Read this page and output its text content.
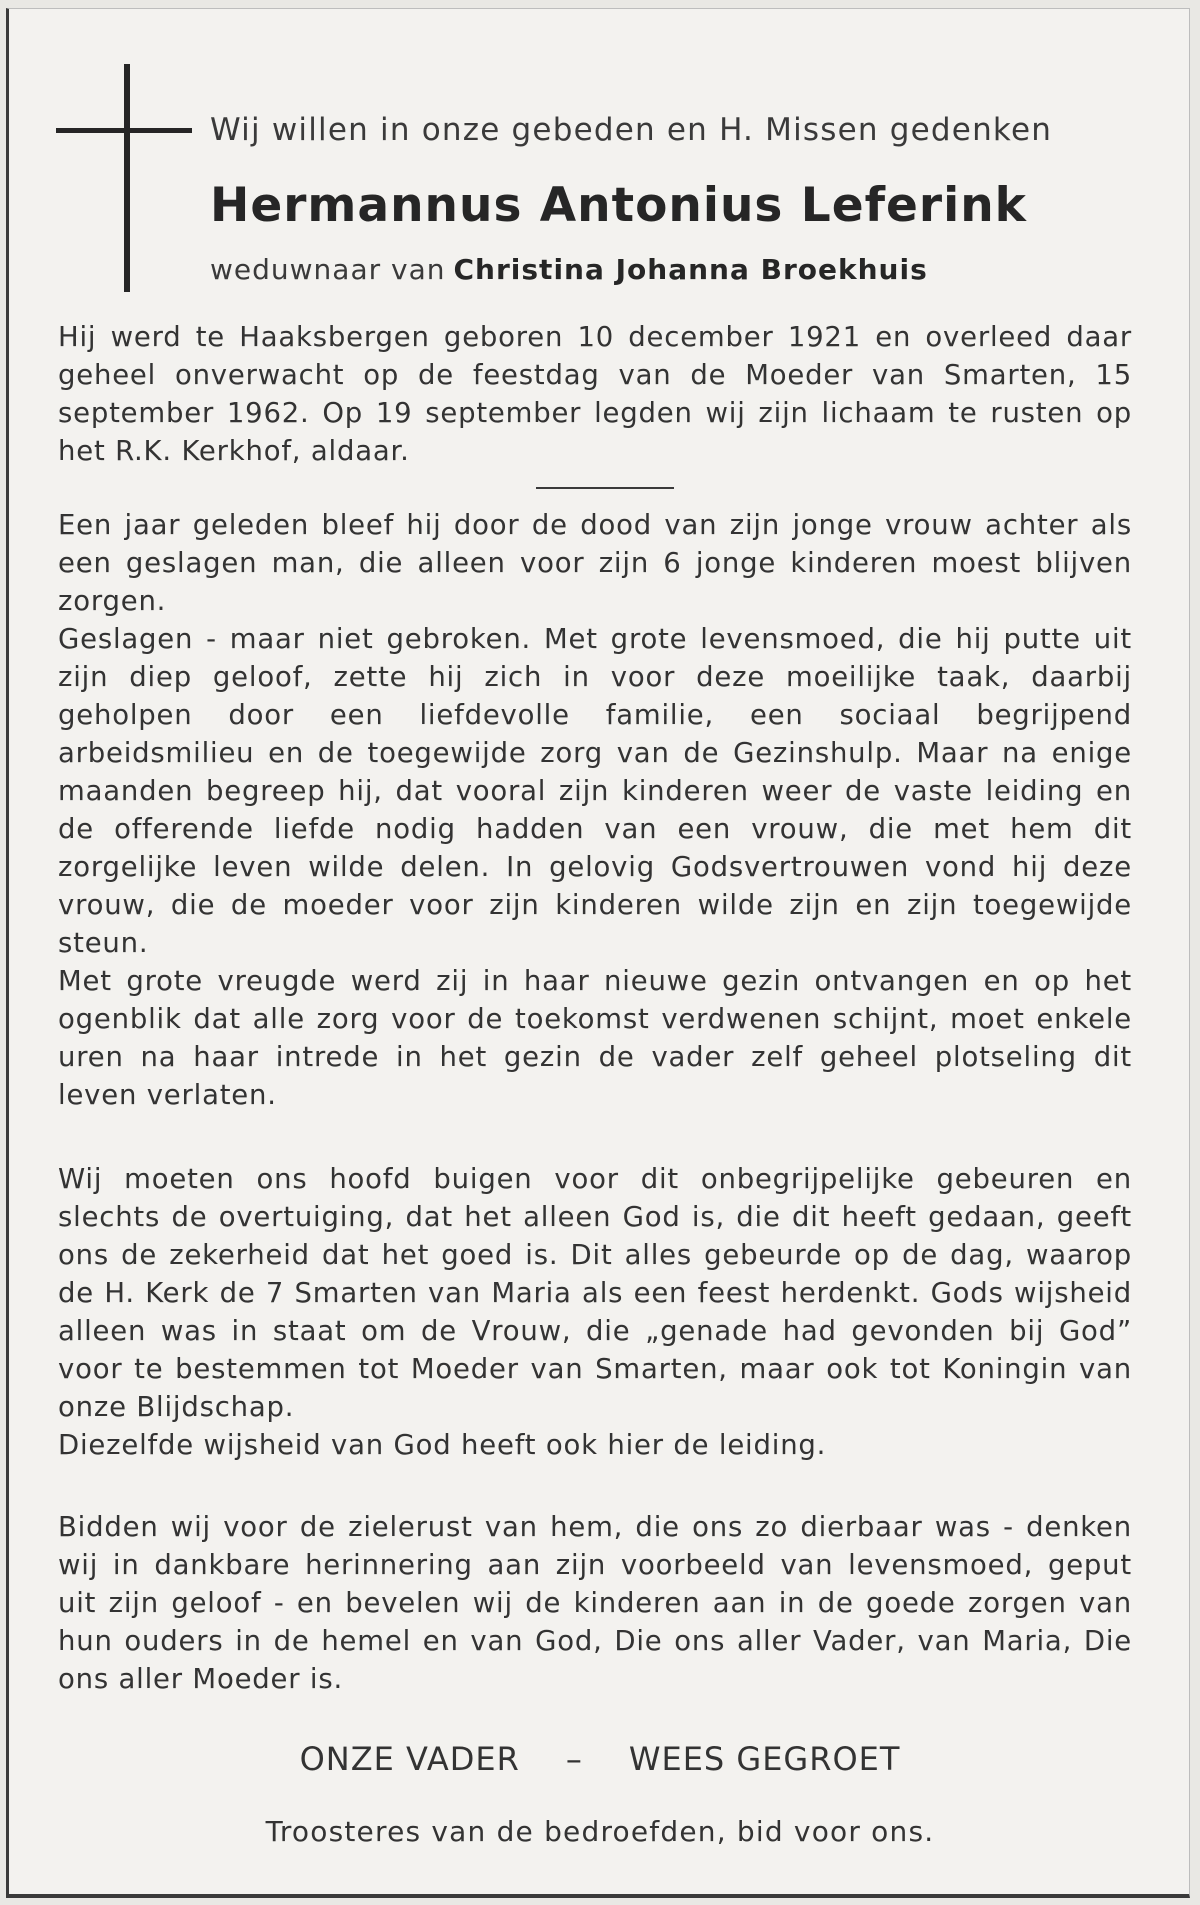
Wij willen in onze gebeden en H. Missen gedenken

Hermannus Antonius Leferink

weduwnaar van Christina Johanna Broekhuis

Hij werd te Haaksbergen geboren 10 december 1921 en overleed daar geheel onverwacht op de feestdag van de Moeder van Smarten, 15 september 1962. Op 19 september legden wij zijn lichaam te rusten op het R.K. Kerkhof, aldaar.

Een jaar geleden bleef hij door de dood van zijn jonge vrouw achter als een geslagen man, die alleen voor zijn 6 jonge kinderen moest blijven zorgen.
Geslagen - maar niet gebroken. Met grote levensmoed, die hij putte uit zijn diep geloof, zette hij zich in voor deze moeilijke taak, daarbij geholpen door een liefdevolle familie, een sociaal begrijpend arbeidsmilieu en de toegewijde zorg van de Gezinshulp. Maar na enige maanden begreep hij, dat vooral zijn kinderen weer de vaste leiding en de offerende liefde nodig hadden van een vrouw, die met hem dit zorgelijke leven wilde delen. In gelovig Godsvertrouwen vond hij deze vrouw, die de moeder voor zijn kinderen wilde zijn en zijn toegewijde steun.
Met grote vreugde werd zij in haar nieuwe gezin ontvangen en op het ogenblik dat alle zorg voor de toekomst verdwenen schijnt, moet enkele uren na haar intrede in het gezin de vader zelf geheel plotseling dit leven verlaten.
Wij moeten ons hoofd buigen voor dit onbegrijpelijke gebeuren en slechts de overtuiging, dat het alleen God is, die dit heeft gedaan, geeft ons de zekerheid dat het goed is. Dit alles gebeurde op de dag, waarop de H. Kerk de 7 Smarten van Maria als een feest herdenkt. Gods wijsheid alleen was in staat om de Vrouw, die „genade had gevonden bij God” voor te bestemmen tot Moeder van Smarten, maar ook tot Koningin van onze Blijdschap.
Diezelfde wijsheid van God heeft ook hier de leiding.

Bidden wij voor de zielerust van hem, die ons zo dierbaar was - denken wij in dankbare herinnering aan zijn voorbeeld van levensmoed, geput uit zijn geloof - en bevelen wij de kinderen aan in de goede zorgen van hun ouders in de hemel en van God, Die ons aller Vader, van Maria, Die ons aller Moeder is.

ONZE VADER – WEES GEGROET

Troosteres van de bedroefden, bid voor ons.
